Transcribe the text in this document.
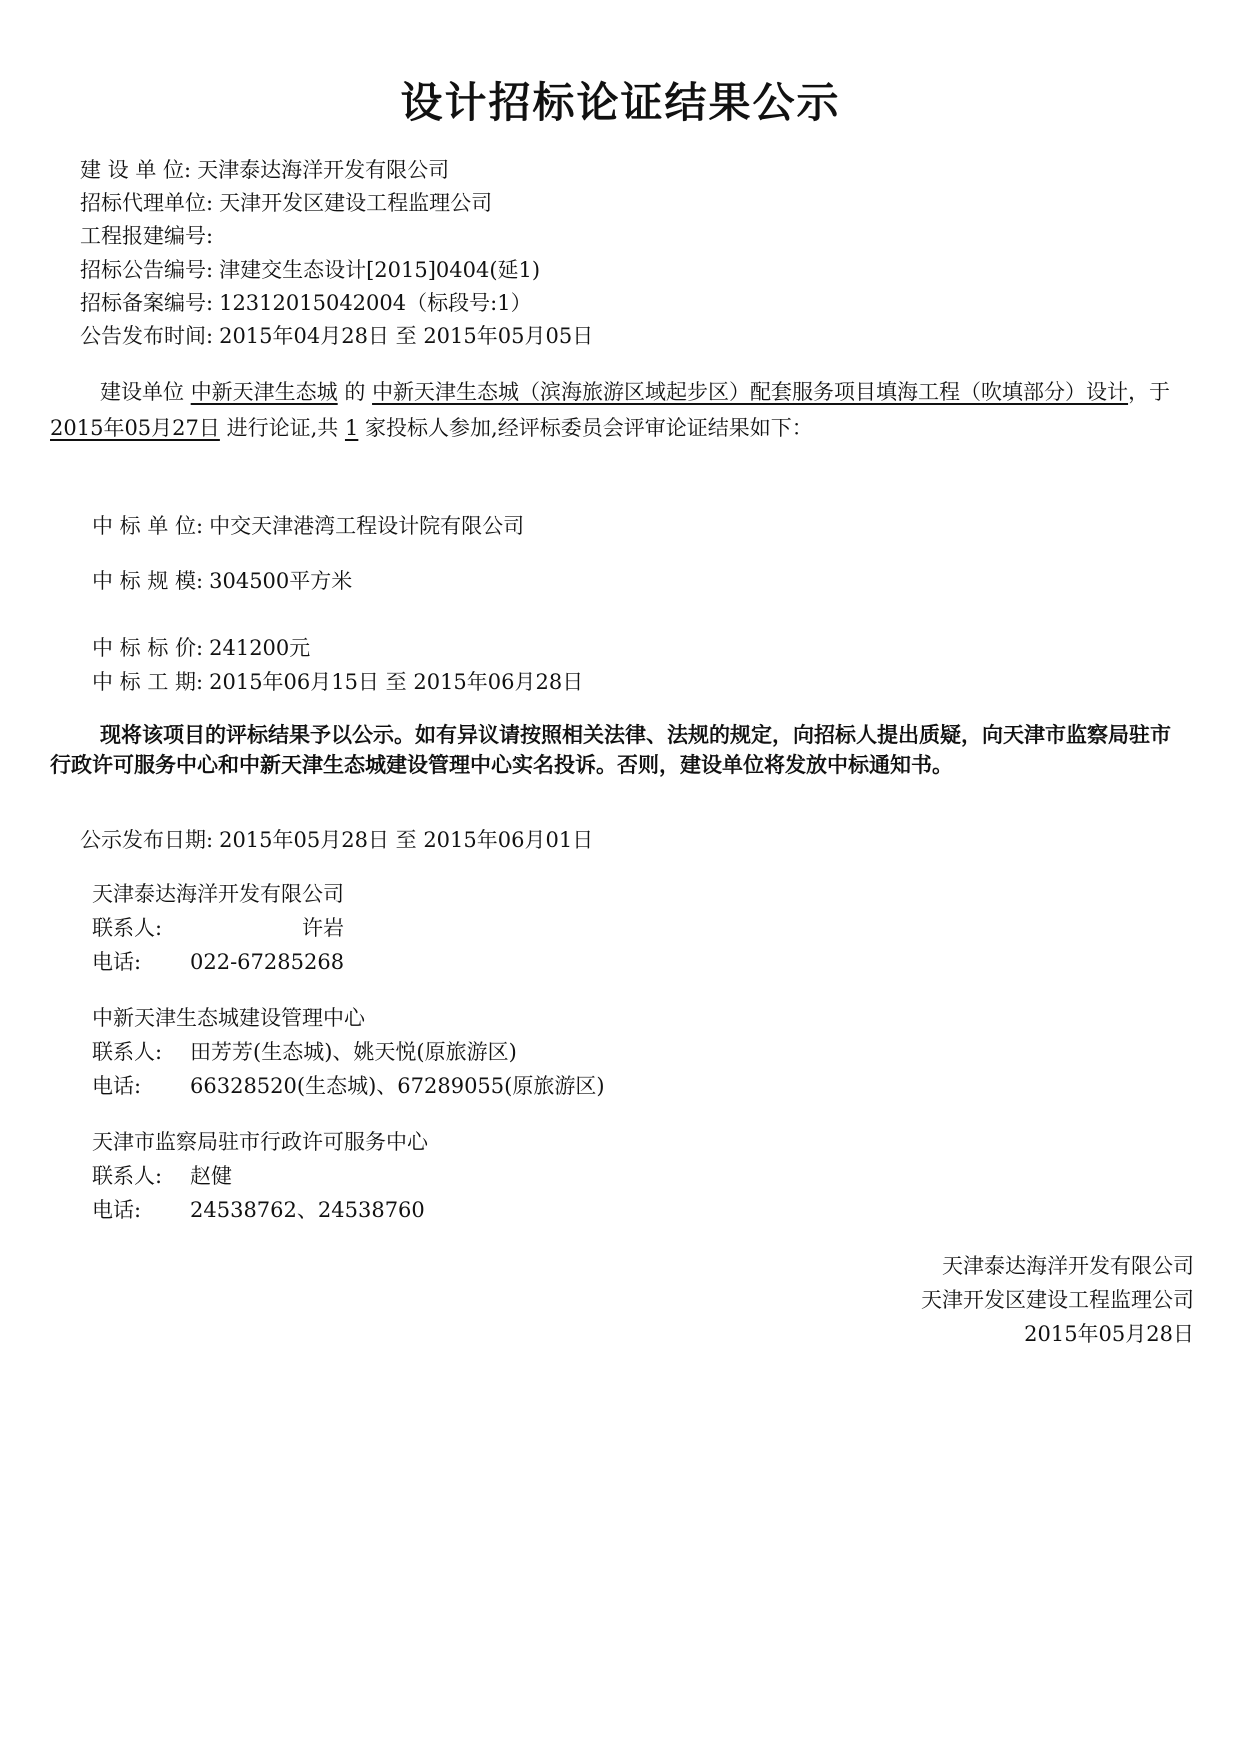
设计招标论证结果公示
建 设 单 位: 天津泰达海洋开发有限公司
招标代理单位: 天津开发区建设工程监理公司
工程报建编号:
招标公告编号: 津建交生态设计[2015]0404(延1)
招标备案编号: 12312015042004（标段号:1）
公告发布时间: 2015年04月28日 至 2015年05月05日
建设单位 中新天津生态城 的 中新天津生态城（滨海旅游区域起步区）配套服务项目填海工程（吹填部分）设计，于 2015年05月27日 进行论证,共 1 家投标人参加,经评标委员会评审论证结果如下：
中 标 单 位: 中交天津港湾工程设计院有限公司
中 标 规 模: 304500平方米
中 标 标 价: 241200元
中 标 工 期: 2015年06月15日 至 2015年06月28日
现将该项目的评标结果予以公示。如有异议请按照相关法律、法规的规定，向招标人提出质疑，向天津市监察局驻市行政许可服务中心和中新天津生态城建设管理中心实名投诉。否则，建设单位将发放中标通知书。
公示发布日期: 2015年05月28日 至 2015年06月01日
天津泰达海洋开发有限公司
联系人:	许岩
电话: 022-67285268
中新天津生态城建设管理中心
联系人: 田芳芳(生态城)、姚天悦(原旅游区)
电话: 66328520(生态城)、67289055(原旅游区)
天津市监察局驻市行政许可服务中心
联系人: 赵健
电话: 24538762、24538760
天津泰达海洋开发有限公司
天津开发区建设工程监理公司
2015年05月28日
